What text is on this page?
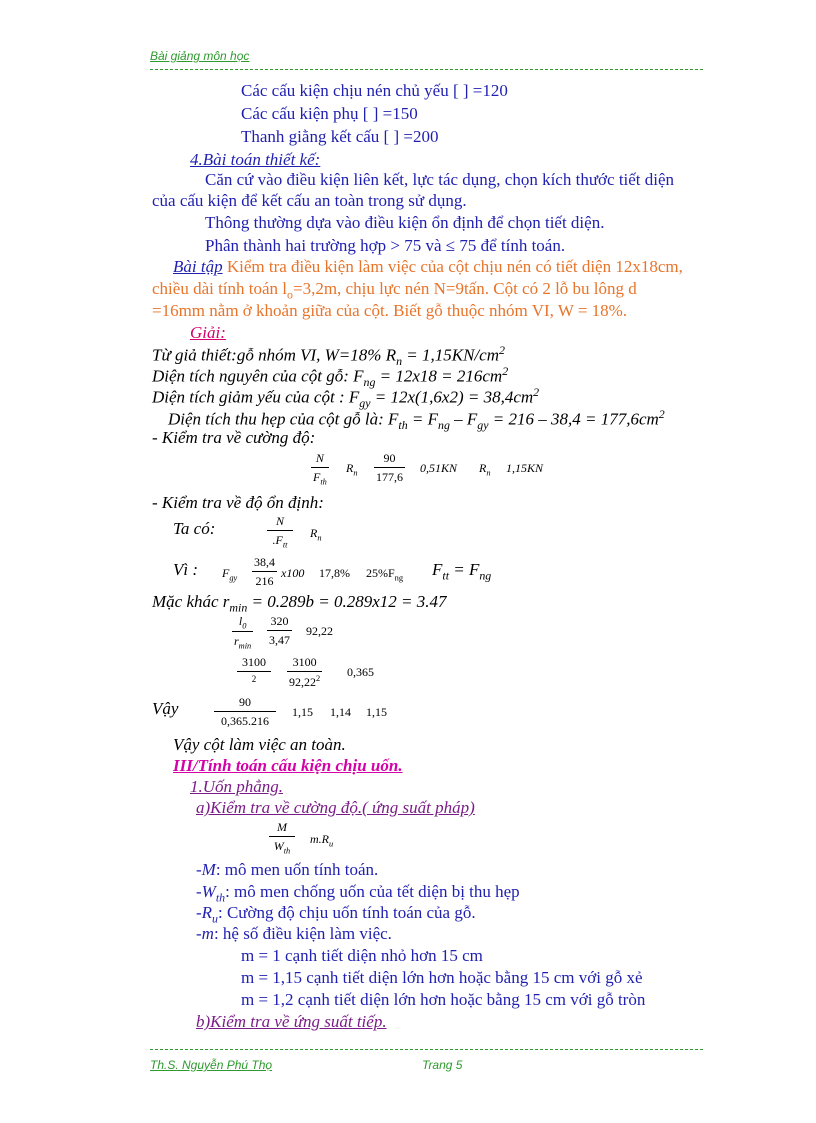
Bài giảng môn học
Các cấu kiện chịu nén chủ yếu [ ] =120
Các cấu kiện phụ [ ] =150
Thanh giằng kết cấu [ ] =200
4.Bài toán thiết kế:
Căn cứ vào điều kiện liên kết, lực tác dụng, chọn kích thước tiết diện
của cấu kiện để kết cấu an toàn trong sử dụng.
Thông thường dựa vào điều kiện ổn định để chọn tiết diện.
Phân thành hai trường hợp > 75 và ≤ 75 để tính toán.
Bài tập Kiểm tra điều kiện làm việc của cột chịu nén có tiết diện 12x18cm,
chiều dài tính toán $l_o=3,2m$, chịu lực nén N=9tấn. Cột có 2 lỗ bu lông d
=16mm nằm ở khoản giữa của cột. Biết gỗ thuộc nhóm VI, W = 18%.
Giải:
Từ giả thiết:gỗ nhóm VI, W=18% $R_n = 1,15KN/cm^2$
Diện tích nguyên của cột gỗ: $F_{ng} = 12x18 = 216cm^2$
Diện tích giảm yếu của cột : $F_{gy} = 12x(1,6x2) = 38,4cm^2$
Diện tích thu hẹp của cột gỗ là: $F_{th} = F_{ng} - F_{gy} = 216 - 38,4 = 177,6cm^2$
- Kiểm tra về cường độ:
N
$F_{th}$
$R_n$
90
177,6
0,51KN $R_n$ 1,15KN
- Kiểm tra về độ ổn định:
Ta có:	N
$.F_{tt}$
$R_n$
Vì : $F_{gy}$
38,4
216
x100 17,8% $25\%F_{ng}$ $F_{tt} = F_{ng}$
Mặc khác $r_{min} = 0.289b = 0.289x12 = 3.47$
$l_0$
$r_{min}$
320
3,47
92,22
3100
2
3100
92,22$^2$ 0,365
Vậy	90
0,365.216
1,15 1,14 1,15
Vậy cột làm việc an toàn.
III/Tính toán cấu kiện chịu uốn.
1.Uốn phẳng.
a)Kiểm tra về cường độ.( ứng suất pháp)
M
$W_{th}$
$m.R_u$
-M: mô men uốn tính toán.
$-W_{th}$: mô men chống uốn của tết diện bị thu hẹp
$-R_u$: Cường độ chịu uốn tính toán của gỗ.
-m: hệ số điều kiện làm việc.
m = 1 cạnh tiết diện nhỏ hơn 15 cm
m = 1,15 cạnh tiết diện lớn hơn hoặc bằng 15 cm với gỗ xẻ
m = 1,2 cạnh tiết diện lớn hơn hoặc bằng 15 cm với gỗ tròn
b)Kiểm tra về ứng suất tiếp.
Th.S. Nguyễn Phú Thọ	Trang 5
